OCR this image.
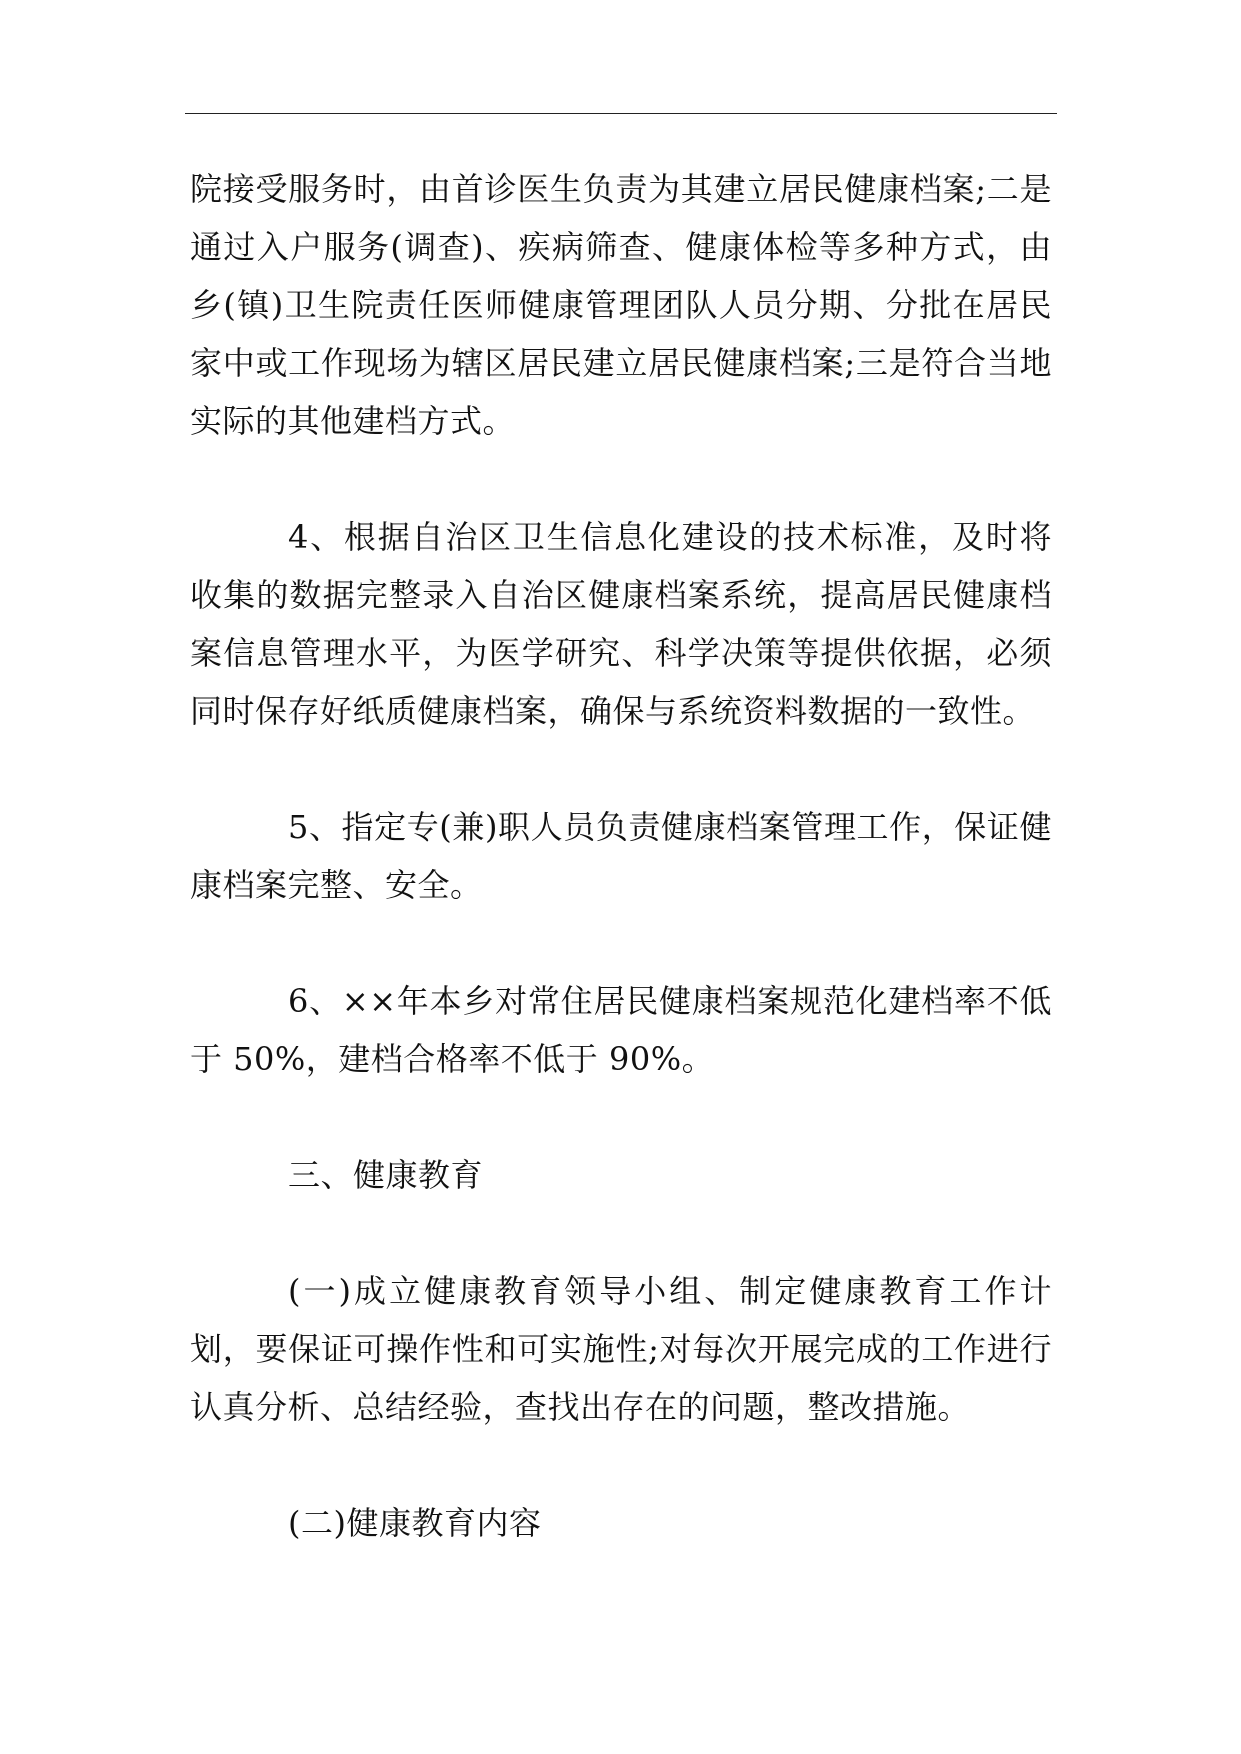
院接受服务时，由首诊医生负责为其建立居民健康档案;二是通过入户服务(调查)、疾病筛查、健康体检等多种方式，由乡(镇)卫生院责任医师健康管理团队人员分期、分批在居民家中或工作现场为辖区居民建立居民健康档案;三是符合当地实际的其他建档方式。

4、根据自治区卫生信息化建设的技术标准，及时将收集的数据完整录入自治区健康档案系统，提高居民健康档案信息管理水平，为医学研究、科学决策等提供依据，必须同时保存好纸质健康档案，确保与系统资料数据的一致性。

5、指定专(兼)职人员负责健康档案管理工作，保证健康档案完整、安全。

6、××年本乡对常住居民健康档案规范化建档率不低于 50%，建档合格率不低于 90%。

三、健康教育

(一)成立健康教育领导小组、制定健康教育工作计划，要保证可操作性和可实施性;对每次开展完成的工作进行认真分析、总结经验，查找出存在的问题，整改措施。

(二)健康教育内容
